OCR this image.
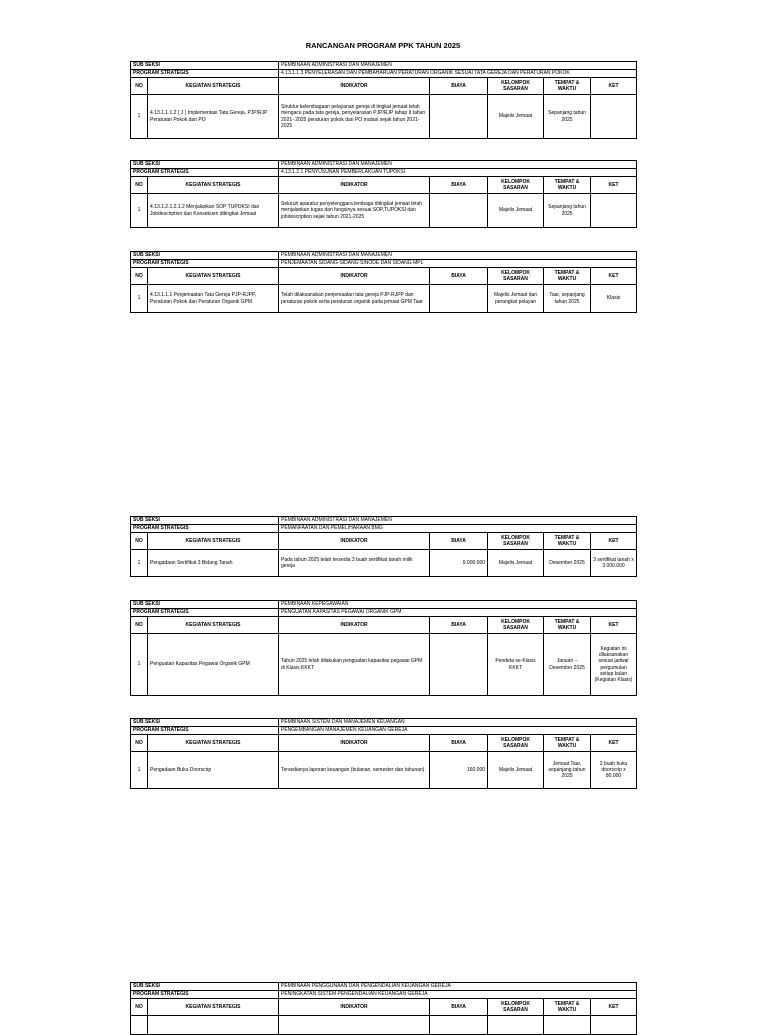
RANCANGAN PROGRAM PPK TAHUN 2025
SUB SEKSI		PEMBINAAN ADMINISTRASI DAN MANAJEMEN				
PROGRAM STRATEGIS		4.13.1.1.3 PENYELERASAN DAN PEMBAHARUAN PERATURAN ORGANIK SESUAI TATA GEREJA DAN PERATURAN POKOK				
NO	KEGIATAN STRATEGIS	INDIKATOR	BIAYA	KELOMPOK SASARAN	TEMPAT & WAKTU	KET
1	4.13.1.1.1.2 ( J ) Implementasi Tata Gereja, PJP/RJP Peraturan Pokok dan PO	Struktur kelembagaan pelayanan gereja di tingkat jemaat telah mengacu pada tata gereja, penyelarasan PJP/RJP tahap II tahun 2021- 2025 peraturan pokok dan PO mutasi sejak tahun 2021-2025		Majelis Jemaat	Sepanjang tahun 2025	
SUB SEKSI		PEMBINAAN ADMINISTRASI DAN MANAJEMEN				
PROGRAM STRATEGIS		4.13.1.2.1 PENYUSUNAN PEMBERLAKUAN TUPOKSI				
NO	KEGIATAN STRATEGIS	INDIKATOR	BIAYA	KELOMPOK SASARAN	TEMPAT & WAKTU	KET
1	4.13.1.2.1.2.1.2 Menjalankan SOP TUPOKSI dan Jobdescription dan Konsekuen ditingkat Jemaat	Seluruh aparatur penyelenggara lembaga ditingkat jemaat telah menjalankan tugas dan fungsinya sesuai SOP,TUPOKSI dan jobdescription sejak tahun 2021-2025		Majelis Jemaat	Sepanjang tahun 2025	
SUB SEKSI		PEMBINAAN ADMINISTRASI DAN MANAJEMEN				
PROGRAM STRATEGIS		PENJEMAATAN SIDANG-SIDANG SINODE DAN SIDANG MPL				
NO	KEGIATAN STRATEGIS	INDIKATOR	BIAYA	KELOMPOK SASARAN	TEMPAT & WAKTU	KET
1	4.13.1.1.1 Penjemaatan Tata Gereja PJP-RJPP, Peraturan Pokok dan Peraturan Organik GPM	Telah dilaksanakan penjemaatan tata gereja PJP-RJPP dan peraturan pokok serta peraturan organik pada jemaat GPM Taar		Majelis Jemaat dan perangkat pelayan	Taar, sepanjang tahun 2025	Klasis
SUB SEKSI		PEMBINAAN ADMINISTRASI DAN MANAJEMEN				
PROGRAM STRATEGIS		PEMANFAATAN DAN PEMELIHARAAN BMG				
NO	KEGIATAN STRATEGIS	INDIKATOR	BIAYA	KELOMPOK SASARAN	TEMPAT & WAKTU	KET
1	Pengadaan Sertifikat 3 Bidang Tanah	Pada tahun 2025 telah tersedia 3 buah sertifikat tanah milik gereja	9.000.000	Majelis Jemaat	Desember 2025	3 sertifikat tanah x 3.000.000
SUB SEKSI		PEMBINAAN KEPEGAWAIAN				
PROGRAM STRATEGIS		PENGUATAN KAPASITAS PEGAWAI ORGANIK GPM				
NO	KEGIATAN STRATEGIS	INDIKATOR	BIAYA	KELOMPOK SASARAN	TEMPAT & WAKTU	KET
1	Penguatan Kapasitas Pegawai Organik GPM	Tahun 2025 telah dilakukan penguatan kapasitas pegawai GPM di Klasis KKKT		Pendeta se-Klasis KKKT	Januari – Desember 2025	Kegiatan ini dilaksanakan sesuai jadwal pergumulan setiap bulan (Kegiatan Klasis)
SUB SEKSI		PEMBINAAN SISTEM DAN MANAJEMEN KEUANGAN				
PROGRAM STRATEGIS		PENGEMBANGAN MANAJEMEN KEUANGAN GEREJA				
NO	KEGIATAN STRATEGIS	INDIKATOR	BIAYA	KELOMPOK SASARAN	TEMPAT & WAKTU	KET
1	Pengadaan Buku Doorscrip	Tersedianya laporan keuangan (bulanan, semester dan tahunan)	160.000	Majelis Jemaat	Jemaat Taar, sepanjang tahun 2025	2 buah buku doorscrip x 80.000
SUB SEKSI		PEMBINAAN PENGGUNAAN DAN PENGENDALIAN KEUANGAN GEREJA				
PROGRAM STRATEGIS		PENINGKATAN SISTEM PENGENDALIAN KEUANGAN GEREJA				
NO	KEGIATAN STRATEGIS	INDIKATOR	BIAYA	KELOMPOK SASARAN	TEMPAT & WAKTU	KET
